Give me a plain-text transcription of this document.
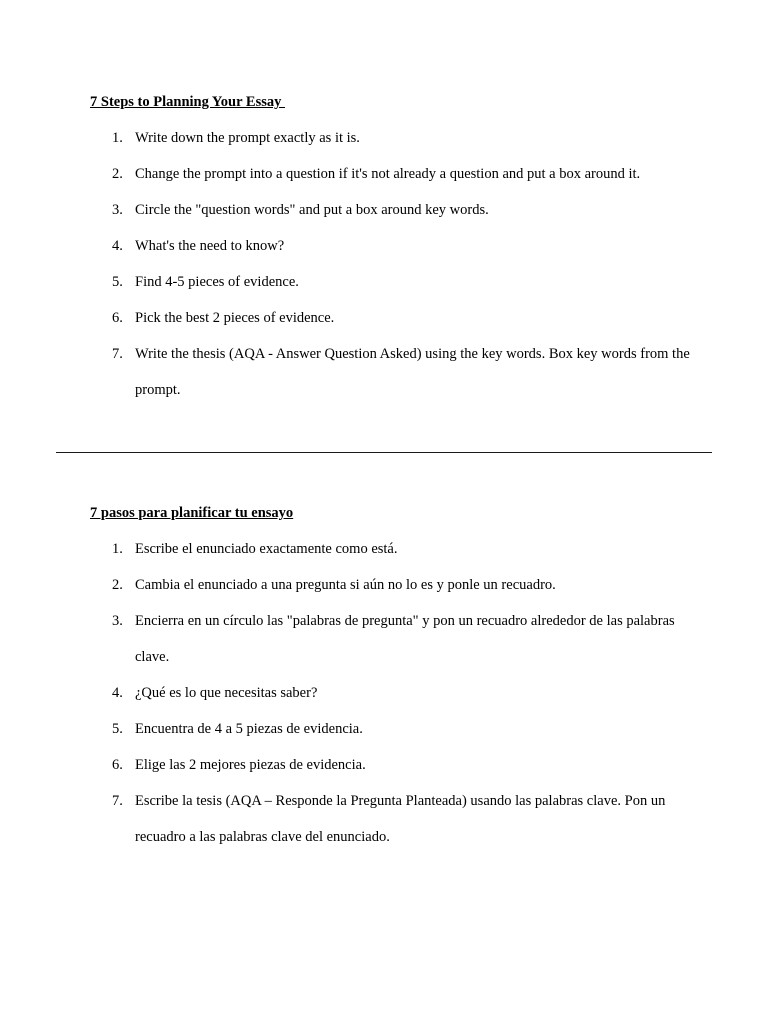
7 Steps to Planning Your Essay

1. Write down the prompt exactly as it is.
2. Change the prompt into a question if it's not already a question and put a box around it.
3. Circle the "question words" and put a box around key words.
4. What's the need to know?
5. Find 4-5 pieces of evidence.
6. Pick the best 2 pieces of evidence.
7. Write the thesis (AQA - Answer Question Asked) using the key words. Box key words from the prompt.

7 pasos para planificar tu ensayo

1. Escribe el enunciado exactamente como está.
2. Cambia el enunciado a una pregunta si aún no lo es y ponle un recuadro.
3. Encierra en un círculo las "palabras de pregunta" y pon un recuadro alrededor de las palabras clave.
4. ¿Qué es lo que necesitas saber?
5. Encuentra de 4 a 5 piezas de evidencia.
6. Elige las 2 mejores piezas de evidencia.
7. Escribe la tesis (AQA – Responde la Pregunta Planteada) usando las palabras clave. Pon un recuadro a las palabras clave del enunciado.
